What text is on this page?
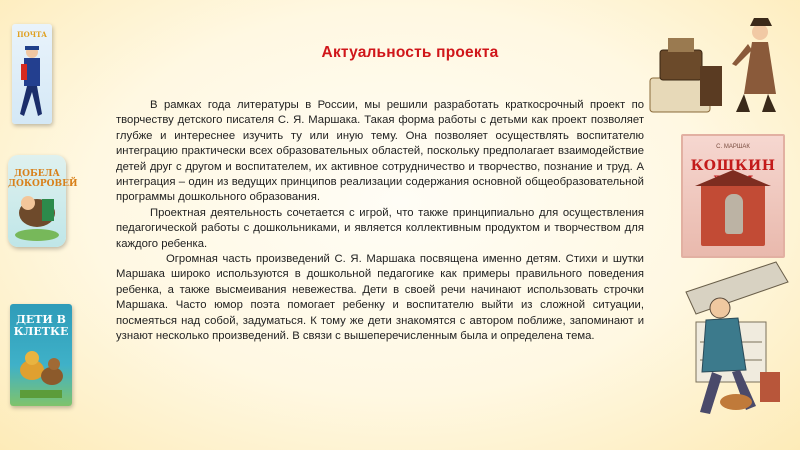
Актуальность проекта

В рамках года литературы в России, мы решили разработать краткосрочный проект по творчеству детского писателя С. Я. Маршака. Такая форма работы с детьми как проект позволяет глубже и интереснее изучить ту или иную тему. Она позволяет осуществлять воспитателю интеграцию практически всех образовательных областей, поскольку предполагает взаимодействие детей друг с другом и воспитателем, их активное сотрудничество и творчество, познание и труд. А интеграция – один из ведущих принципов реализации содержания основной общеобразовательной программы дошкольного образования.

Проектная деятельность сочетается с игрой, что также принципиально для осуществления педагогической работы с дошкольниками, и является коллективным продуктом и творчеством для каждого ребенка.

Огромная часть произведений С. Я. Маршака посвящена именно детям. Стихи и шутки Маршака широко используются в дошкольной педагогике как примеры правильного поведения ребенка, а также высмеивания невежества. Дети в своей речи начинают использовать строчки Маршака. Часто юмор поэта помогает ребенку и воспитателю выйти из сложной ситуации, посмеяться над собой, задуматься. К тому же дети знакомятся с автором поближе, запоминают и узнают несколько произведений. В связи с вышеперечисленным была и определена тема.

ПОЧТА
ДОБЕЛА ДОКОРОВЕЙ
ДЕТИ В КЛЕТКЕ
С. МАРШАК
КОШКИН
